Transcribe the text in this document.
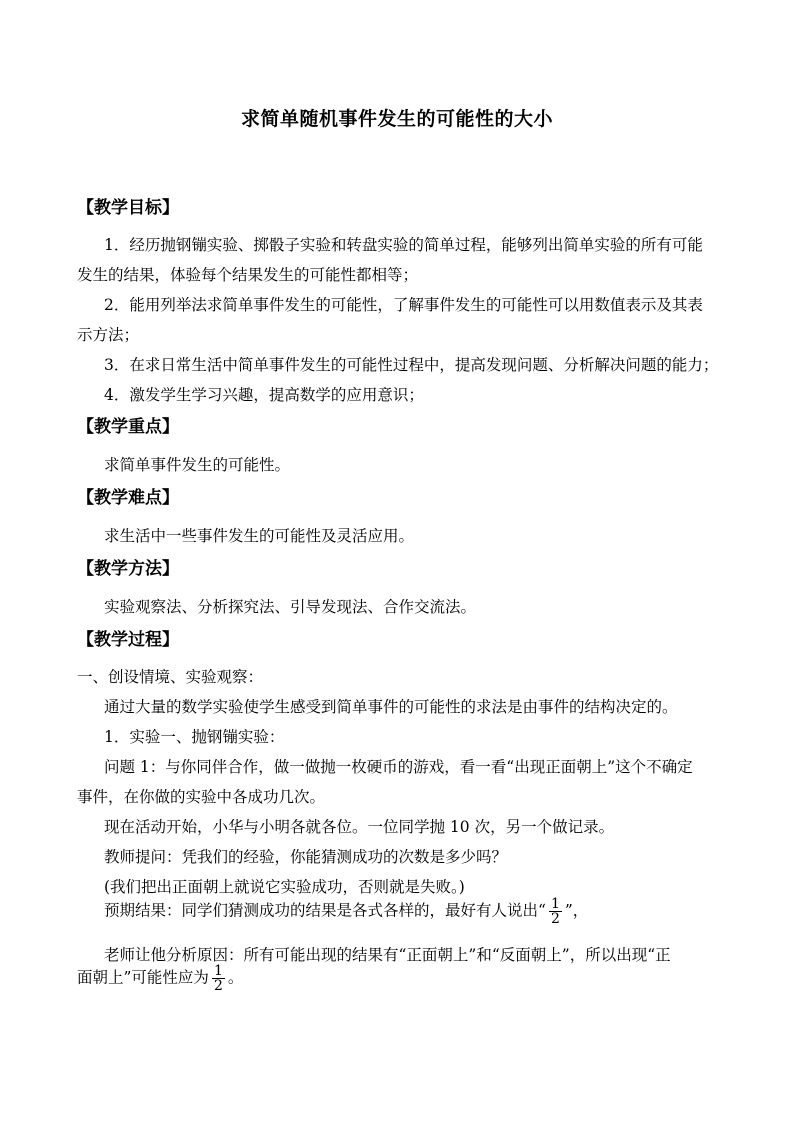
求简单随机事件发生的可能性的大小
【教学目标】
1．经历抛钢镚实验、掷骰子实验和转盘实验的简单过程，能够列出简单实验的所有可能
发生的结果，体验每个结果发生的可能性都相等；
2．能用列举法求简单事件发生的可能性，了解事件发生的可能性可以用数值表示及其表
示方法；
3．在求日常生活中简单事件发生的可能性过程中，提高发现问题、分析解决问题的能力；
4．激发学生学习兴趣，提高数学的应用意识；
【教学重点】
求简单事件发生的可能性。
【教学难点】
求生活中一些事件发生的可能性及灵活应用。
【教学方法】
实验观察法、分析探究法、引导发现法、合作交流法。
【教学过程】
一、创设情境、实验观察：
通过大量的数学实验使学生感受到简单事件的可能性的求法是由事件的结构决定的。
1．实验一、抛钢镚实验：
问题 1：与你同伴合作，做一做抛一枚硬币的游戏，看一看“出现正面朝上”这个不确定
事件，在你做的实验中各成功几次。
现在活动开始，小华与小明各就各位。一位同学抛 10 次，另一个做记录。
教师提问：凭我们的经验，你能猜测成功的次数是多少吗？
(我们把出正面朝上就说它实验成功，否则就是失败。)
预期结果：同学们猜测成功的结果是各式各样的，最好有人说出“ $\frac{1}{2}$ ”，
老师让他分析原因：所有可能出现的结果有“正面朝上”和“反面朝上”，所以出现“正
面朝上”可能性应为 $\frac{1}{2}$ 。
